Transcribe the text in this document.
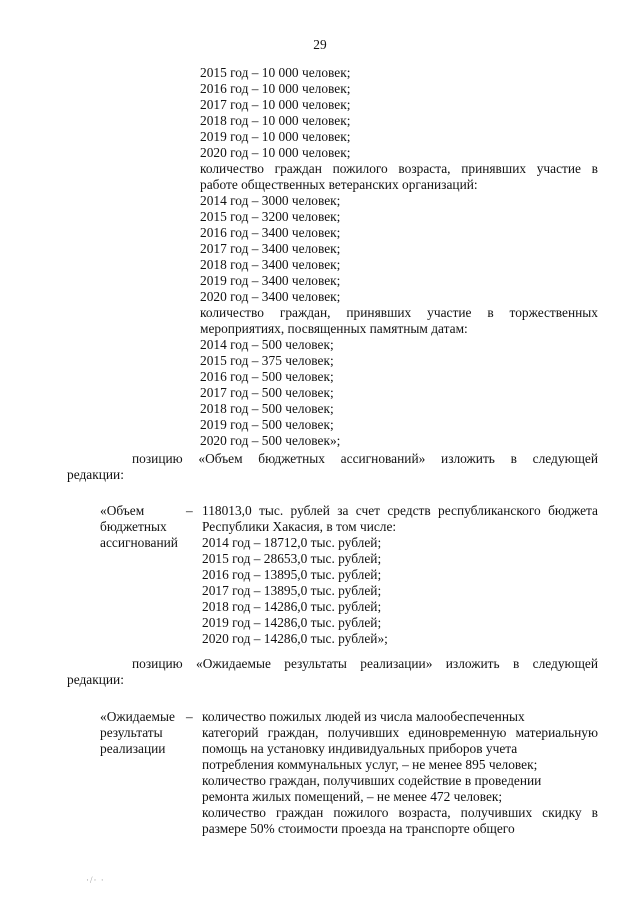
29
2015 год – 10 000 человек;
2016 год – 10 000 человек;
2017 год – 10 000 человек;
2018 год – 10 000 человек;
2019 год – 10 000 человек;
2020 год – 10 000 человек;
количество граждан пожилого возраста, принявших участие в
работе общественных ветеранских организаций:
2014 год – 3000 человек;
2015 год – 3200 человек;
2016 год – 3400 человек;
2017 год – 3400 человек;
2018 год – 3400 человек;
2019 год – 3400 человек;
2020 год – 3400 человек;
количество граждан, принявших участие в торжественных
мероприятиях, посвященных памятным датам:
2014 год – 500 человек;
2015 год – 375 человек;
2016 год – 500 человек;
2017 год – 500 человек;
2018 год – 500 человек;
2019 год – 500 человек;
2020 год – 500 человек»;
позицию «Объем бюджетных ассигнований» изложить в следующей
редакции:
«Объем
бюджетных
ассигнований
– 118013,0 тыс. рублей за счет средств республиканского бюджета
Республики Хакасия, в том числе:
2014 год – 18712,0 тыс. рублей;
2015 год – 28653,0 тыс. рублей;
2016 год – 13895,0 тыс. рублей;
2017 год – 13895,0 тыс. рублей;
2018 год – 14286,0 тыс. рублей;
2019 год – 14286,0 тыс. рублей;
2020 год – 14286,0 тыс. рублей»;
позицию «Ожидаемые результаты реализации» изложить в следующей
редакции:
«Ожидаемые
результаты
реализации
– количество пожилых людей из числа малообеспеченных
категорий граждан, получивших единовременную материальную
помощь на установку индивидуальных приборов учета
потребления коммунальных услуг, – не менее 895 человек;
количество граждан, получивших содействие в проведении
ремонта жилых помещений, – не менее 472 человек;
количество граждан пожилого возраста, получивших скидку в
размере 50% стоимости проезда на транспорте общего
·/· ·
